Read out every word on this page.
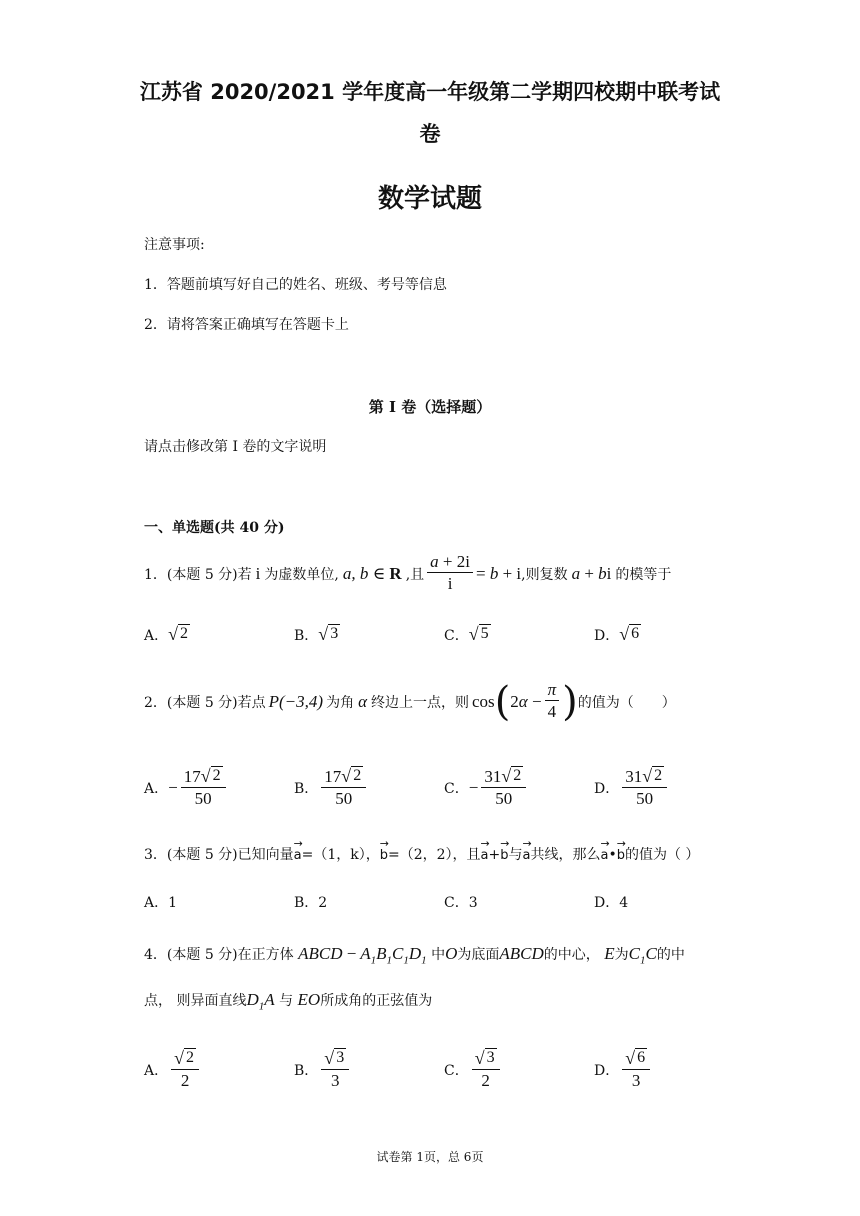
江苏省 2020/2021 学年度高一年级第二学期四校期中联考试
卷
数学试题
注意事项:
1．答题前填写好自己的姓名、班级、考号等信息
2．请将答案正确填写在答题卡上
第 I 卷（选择题）
请点击修改第 I 卷的文字说明
一、单选题(共 40 分)
1．(本题 5 分)若 i 为虚数单位, a, b ∈ R ,且 $\frac{a + 2i}{i} = b + i$ ,则复数 a + bi 的模等于
A． √ 2	B． √ 3	C． √ 5	D． √ 6
2．(本题 5 分)若点 P(−3,4) 为角 α 终边上一点，则 cos ( $2\alpha - \frac{\pi}{4}$ ) 的值为（　　）
A． − $\frac{17 √ 2}{50}$	B． $\frac{17 √ 2}{50}$	C． − $\frac{31 √ 2}{50}$	D． $\frac{31 √ 2}{50}$
3．(本题 5 分)已知向量→ a=（1，k），→ b=（2，2），且→ a+→ b与→ a共线，那么→ a•→ b的值为（ ）
A．1	B．2	C．3	D．4
4．(本题 5 分)在正方体 ABCD − $A_1B_1C_1D_1$ 中O为底面ABCD的中心， E为$C_1C$的中
点， 则异面直线$D_1A$ 与 EO所成角的正弦值为
A． $\frac{√ 2}{2}$	B． $\frac{√ 3}{3}$	C． $\frac{√ 3}{2}$	D． $\frac{√ 6}{3}$
试卷第 1页，总 6页
